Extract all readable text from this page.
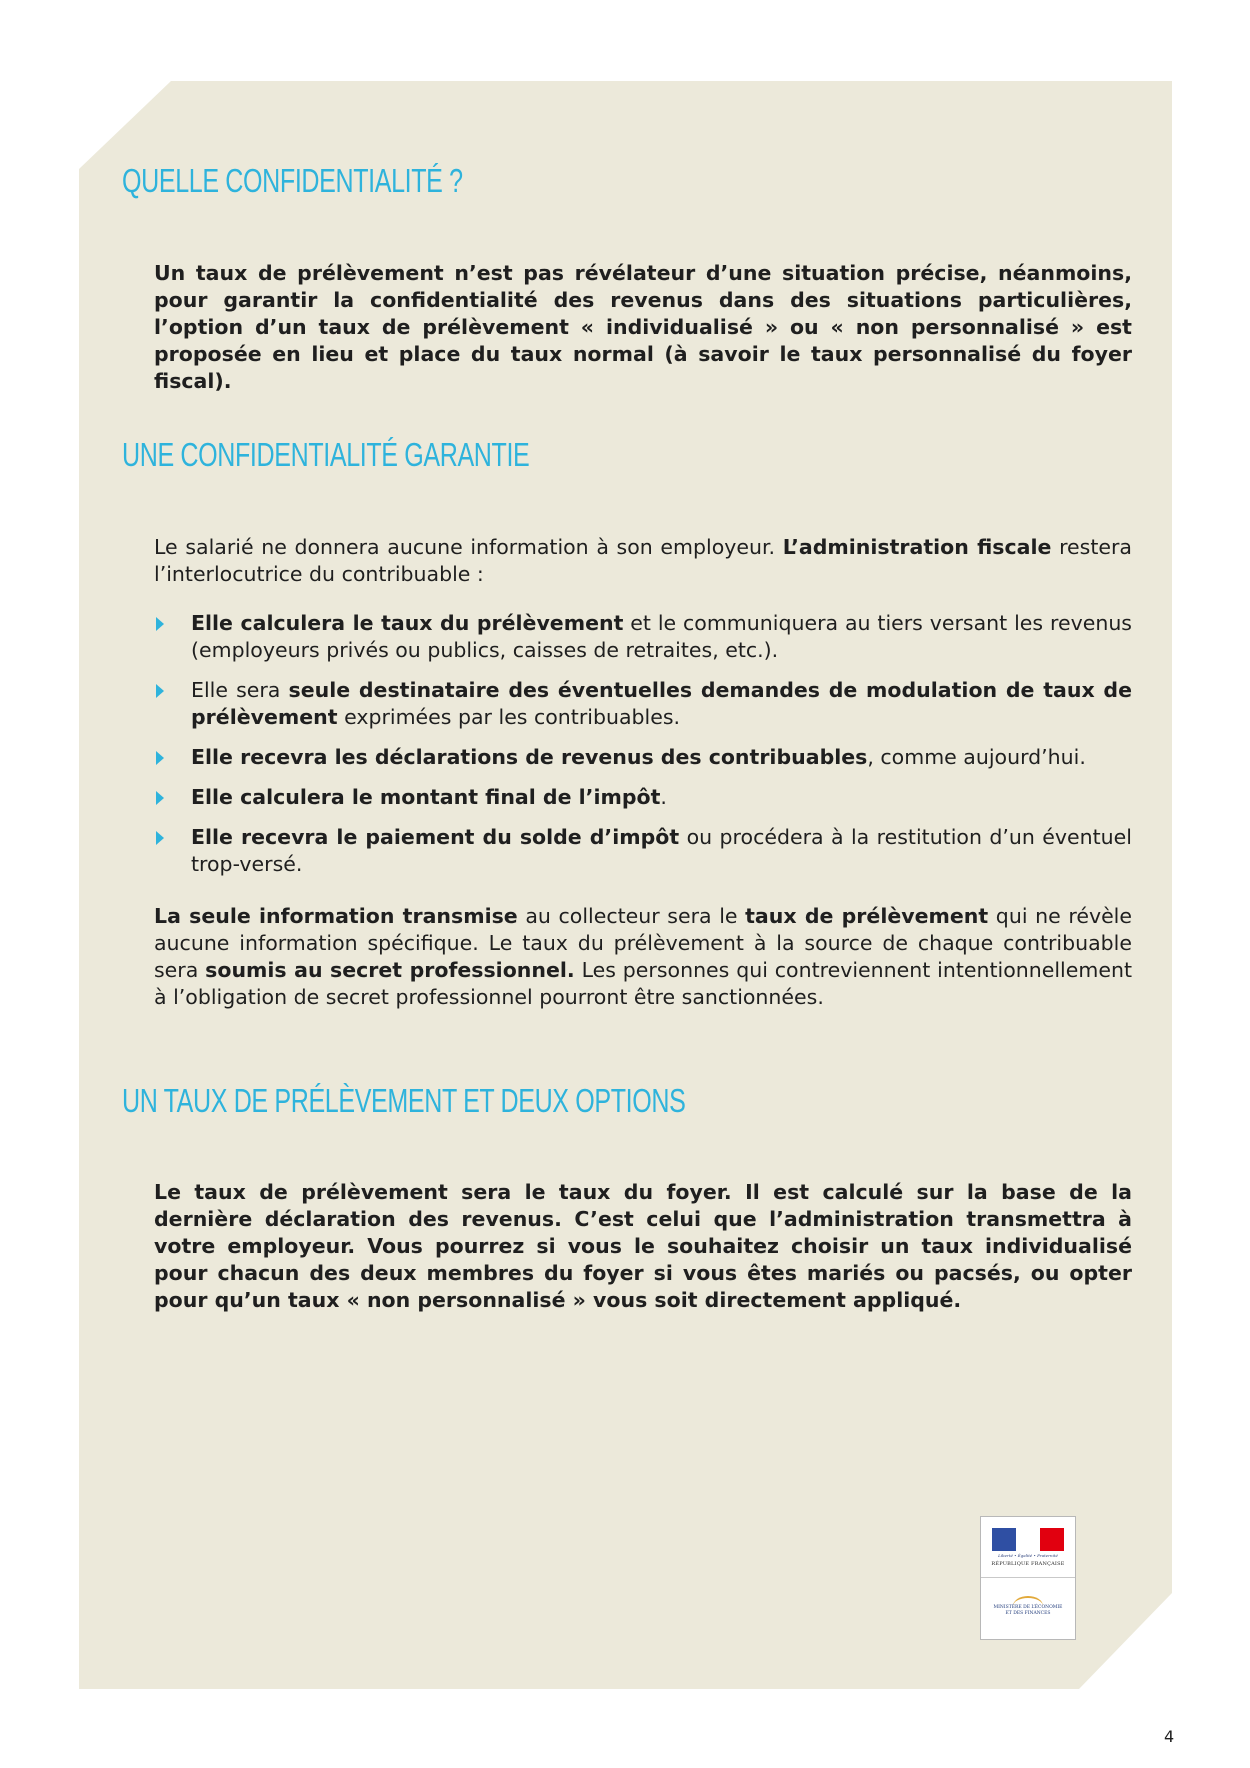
QUELLE CONFIDENTIALITÉ ?

Un taux de prélèvement n’est pas révélateur d’une situation précise, néanmoins, pour garantir la confidentialité des revenus dans des situations particulières, l’option d’un taux de prélèvement « individualisé » ou « non personnalisé » est proposée en lieu et place du taux normal (à savoir le taux personnalisé du foyer fiscal).

UNE CONFIDENTIALITÉ GARANTIE

Le salarié ne donnera aucune information à son employeur. L’administration fiscale restera l’interlocutrice du contribuable :

Elle calculera le taux du prélèvement et le communiquera au tiers versant les revenus (employeurs privés ou publics, caisses de retraites, etc.).
Elle sera seule destinataire des éventuelles demandes de modulation de taux de prélèvement exprimées par les contribuables.
Elle recevra les déclarations de revenus des contribuables, comme aujourd’hui.
Elle calculera le montant final de l’impôt.
Elle recevra le paiement du solde d’impôt ou procédera à la restitution d’un éventuel trop-versé.

La seule information transmise au collecteur sera le taux de prélèvement qui ne révèle aucune information spécifique. Le taux du prélèvement à la source de chaque contribuable sera soumis au secret professionnel. Les personnes qui contreviennent intentionnellement à l’obligation de secret professionnel pourront être sanctionnées.

UN TAUX DE PRÉLÈVEMENT ET DEUX OPTIONS

Le taux de prélèvement sera le taux du foyer. Il est calculé sur la base de la dernière déclaration des revenus. C’est celui que l’administration transmettra à votre employeur. Vous pourrez si vous le souhaitez choisir un taux individualisé pour chacun des deux membres du foyer si vous êtes mariés ou pacsés, ou opter pour qu’un taux « non personnalisé » vous soit directement appliqué.

Liberté • Égalité • Fraternité
RÉPUBLIQUE FRANÇAISE
MINISTÈRE DE L’ÉCONOMIE
ET DES FINANCES
4
